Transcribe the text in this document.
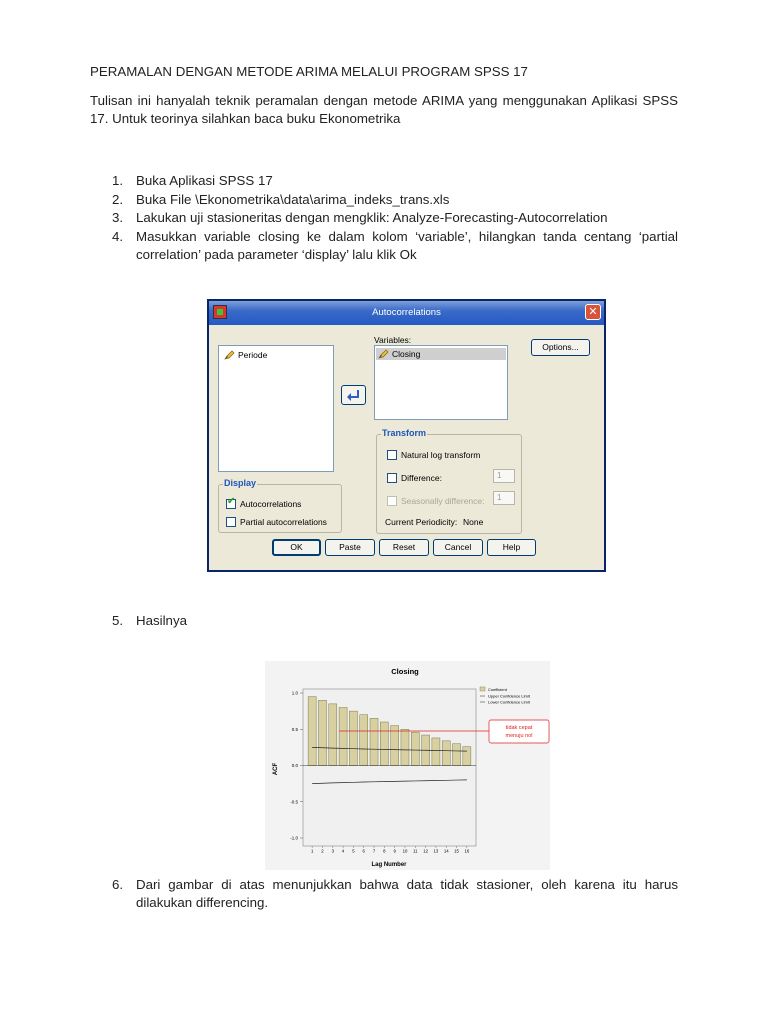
PERAMALAN DENGAN METODE ARIMA MELALUI PROGRAM SPSS 17
Tulisan ini hanyalah teknik peramalan dengan metode ARIMA yang menggunakan Aplikasi SPSS 17. Untuk teorinya silahkan baca buku Ekonometrika
1. Buka Aplikasi SPSS 17
2. Buka File \Ekonometrika\data\arima_indeks_trans.xls
3. Lakukan uji stasioneritas dengan mengklik: Analyze-Forecasting-Autocorrelation
4. Masukkan variable closing ke dalam kolom ‘variable’, hilangkan tanda centang ‘partial correlation’ pada parameter ‘display’ lalu klik Ok
Autocorrelations	✕
Periode
Variables:
Closing
Options...
Transform
Natural log transform
Difference:	1
Seasonally difference:	1
Current Periodicity: None
Display
✔ Autocorrelations
Partial autocorrelations
OK	Paste	Reset	Cancel	Help
5. Hasilnya
Closing
1.0
0.5
0.0
-0.5
-1.0
1 2 3 4 5 6 7 8 9 10 11 12 13 14 15 16
ACF
Lag Number
Coefficient
Upper Confidence Limit
Lower Confidence Limit
tidak cepat
menuju nol
6. Dari gambar di atas menunjukkan bahwa data tidak stasioner, oleh karena itu harus dilakukan differencing.
